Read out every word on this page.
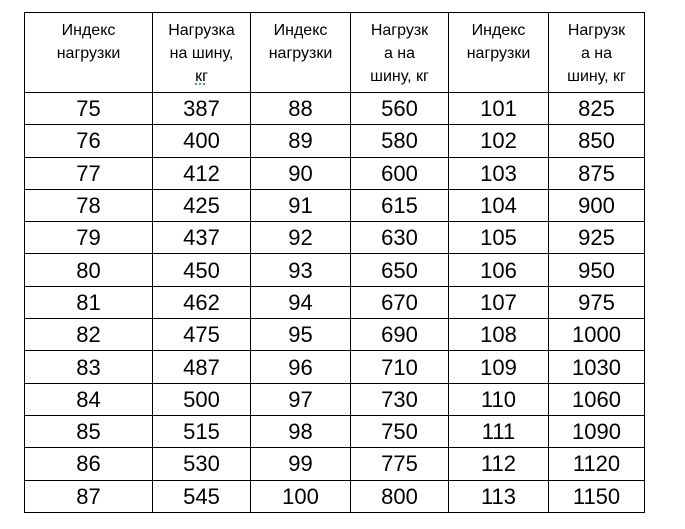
Индекс
нагрузки	Нагрузка
на шину,
кг	Индекс
нагрузки	Нагрузк
а на
шину, кг	Индекс
нагрузки	Нагрузк
а на
шину, кг

75	387	88	560	101	825
76	400	89	580	102	850
77	412	90	600	103	875
78	425	91	615	104	900
79	437	92	630	105	925
80	450	93	650	106	950
81	462	94	670	107	975
82	475	95	690	108	1000
83	487	96	710	109	1030
84	500	97	730	110	1060
85	515	98	750	111	1090
86	530	99	775	112	1120
87	545	100	800	113	1150
